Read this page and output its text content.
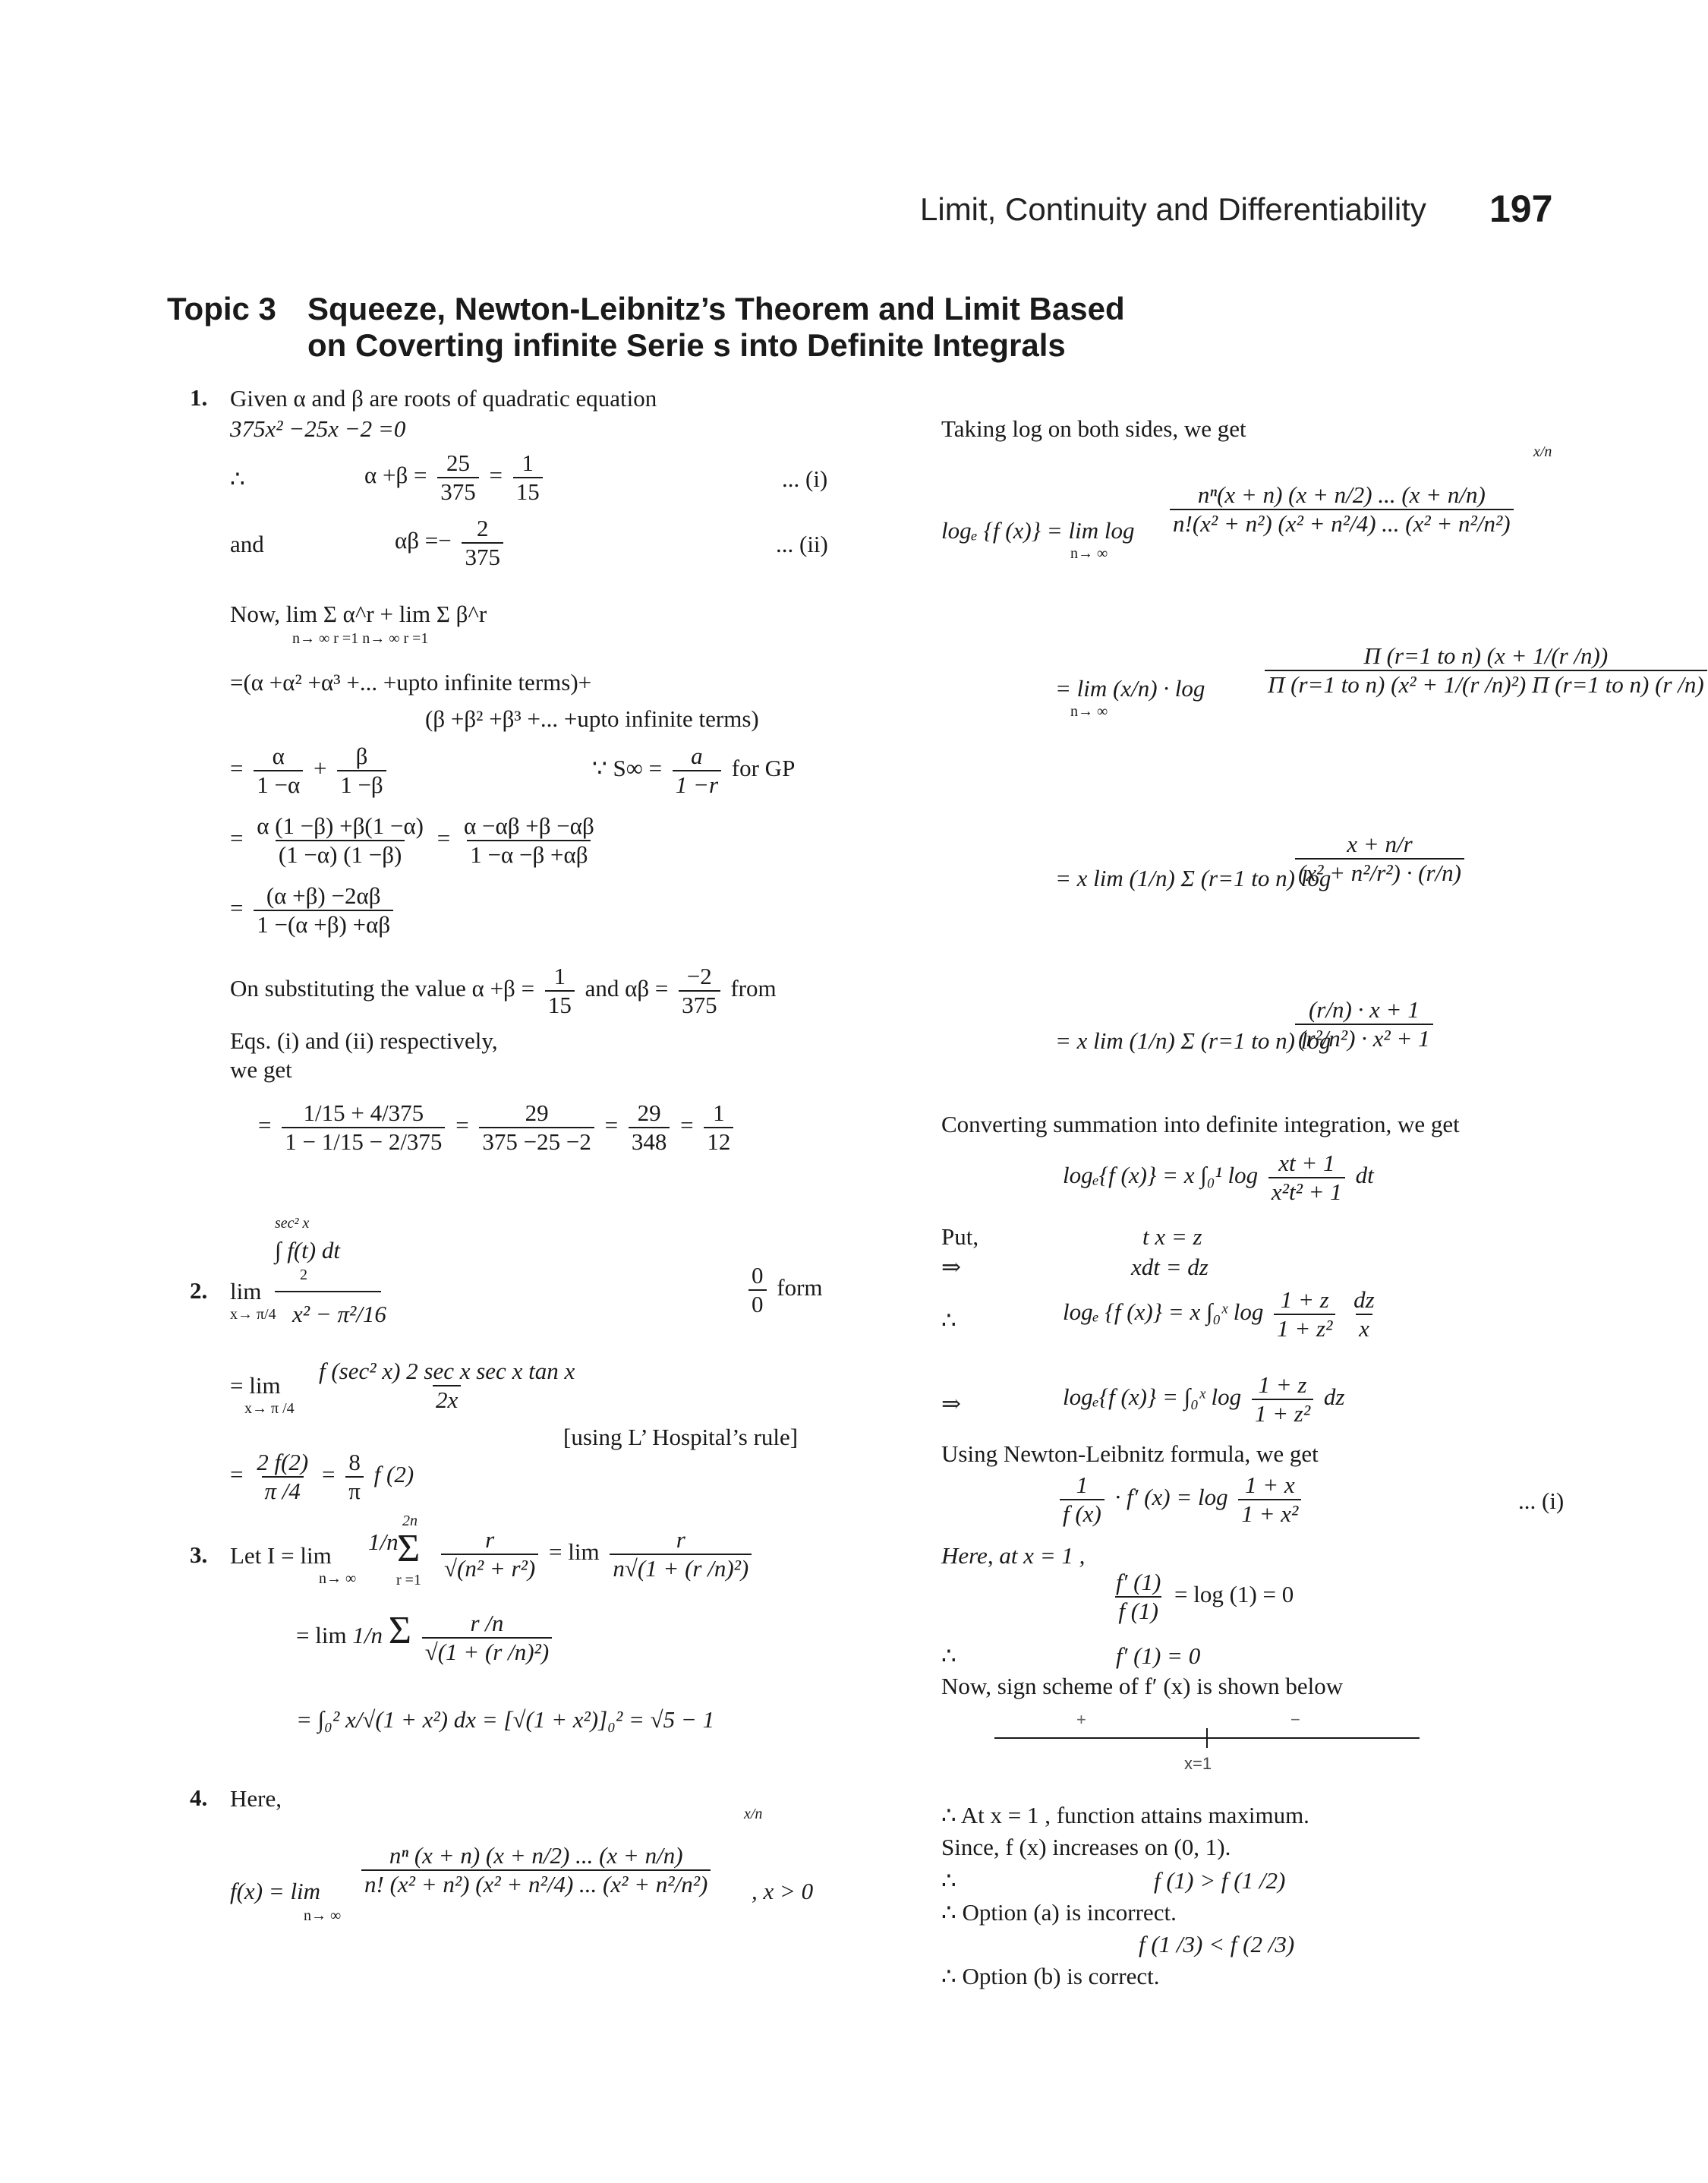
Limit, Continuity and Differentiability 197
Topic 3 Squeeze, Newton-Leibnitz’s Theorem and Limit Based
on Coverting infinite Serie s into Definite Integrals
1. Given α and β are roots of quadratic equation
375x² −25x −2 =0
∴	$\alpha +\beta = \frac{25}{375} = \frac{1}{15}$	... (i)
and	$\alpha\beta =- \frac{2}{375}$	... (ii)
Now, lim Σ α^r + lim Σ β^r
n→ ∞ r =1 n→ ∞ r =1
=(α +α² +α³ +... +upto infinite terms)+
(β +β² +β³ +... +upto infinite terms)
= $\frac{\alpha}{1 -\alpha} + \frac{\beta}{1 -\beta}$	∵ $S\infty = \frac{a}{1 -r}$ for GP
= $\frac{\alpha (1 -\beta) +\beta(1 -\alpha)}{(1 -\alpha) (1 -\beta)} = \frac{\alpha -\alpha\beta +\beta -\alpha\beta}{1 -\alpha -\beta +\alpha\beta}$
= $\frac{(\alpha +\beta) -2\alpha\beta}{1 -(\alpha +\beta) +\alpha\beta}$
On substituting the value $\alpha +\beta = \frac{1}{15}$ and $\alpha\beta = \frac{-2}{375}$ from
Eqs. (i) and (ii) respectively,
we get
= $\frac{1/15 + 4/375}{1 - 1/15 - 2/375} = \frac{29}{375 -25 -2} = \frac{29}{348} = \frac{1}{12}$
sec² x
∫ f(t) dt
2. lim
x→ π/4
2
x² − π²/16	$\frac{0}{0}$ form
= lim
x→ π $/4 \frac{\text{f (sec² x) 2 sec x sec x tan x}}{2x}$
[using L’ Hospital’s rule]
= $\frac{2 f(2)}{\pi /4} = \frac{8}{\pi}$ f (2)
3. Let I = lim
n→ ∞
1/n
2n
Σ
$r =1 \frac{r}{\text{√(n² + r²)}} = \lim \frac{r}{\text{n√(1 + (r /n)²)}}$
= lim 1/n Σ $\frac{r /n}{\text{√(1 + (r /n)²)}}$
= ∫₀² x/√(1 + x²) dx = [√(1 + x²)]₀² = √5 − 1
4. Here,
x/n
f(x) = lim
n→ ∞
$\frac{\text{nⁿ (x + n) (x + n/2) ... (x + n/n)}}{\text{n! (x² + n²) (x² + n²/4) ... (x² + n²/n²)}}$ , x > 0
Taking log on both sides, we get
x/n
logₑ {f (x)} = lim log
n→ ∞
$\frac{\text{nⁿ(x + n) (x + n/2) ... (x + n/n)}}{\text{n!(x² + n²) (x² + n²/4) ... (x² + n²/n²)}}$
= lim (x/n) · log
n→ ∞
$\frac{\text{Π (r=1 to n) (x + 1/(r /n))}}{\text{Π (r=1 to n) (x² + 1/(r /n)²) Π (r=1 to n) (r /n)}}$
= x lim (1/n) Σ (r=1 to n) log
$\frac{x + n/r}{\text{(x² + n²/r²) · (r/n)}}$
= x lim (1/n) Σ (r=1 to n) log
$\frac{(r/n) \cdot x + 1}{\text{(r²/n²) · x² + 1}}$
Converting summation into definite integration, we get
logₑ{f (x)} = x ∫₀¹ $\log \frac{xt + 1}{\text{x²t² + 1}}$ dt
Put,	t x = z
⇒	xdt = dz
∴	logₑ {f (x)} = x ∫₀ˣ $\log \frac{1 + z}{\text{1 + z²}}$
$\frac{dz}{x}$
⇒	logₑ{f (x)} = ∫₀ˣ $\log \frac{1 + z}{\text{1 + z²}}$ dz
Using Newton-Leibnitz formula, we get
$\frac{1}{f (x)} \cdot f'$ $(x) = \log \frac{1 + x}{\text{1 + x²}}$	... (i)
Here, at x = 1 ,
$\frac{f' (1)}{f (1)} = \log (1) = 0$
∴	f′ (1) = 0
Now, sign scheme of f′ (x) is shown below
+	−
x=1
∴ At x = 1 , function attains maximum.
Since, f (x) increases on (0, 1).
∴	f (1) > f (1 /2)
∴ Option (a) is incorrect.
f (1 /3) < f (2 /3)
∴ Option (b) is correct.
